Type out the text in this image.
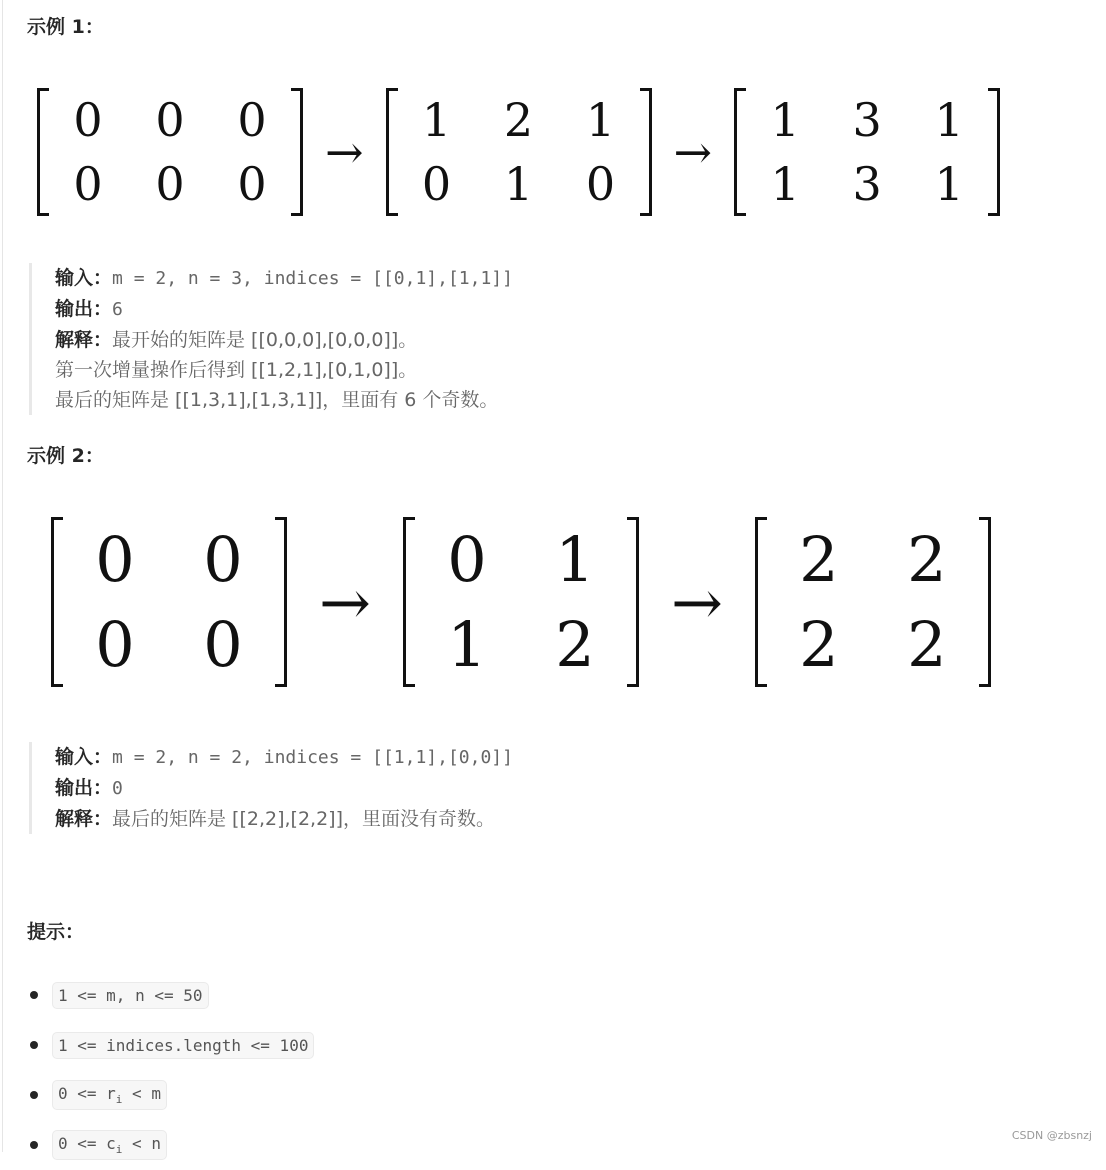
示例 1：
0	0	0
0	0	0
→
1	2	1
0	1	0
→
1	3	1
1	3	1
输入：m = 2, n = 3, indices = [[0,1],[1,1]]
输出：6
解释：最开始的矩阵是 [[0,0,0],[0,0,0]]。
第一次增量操作后得到 [[1,2,1],[0,1,0]]。
最后的矩阵是 [[1,3,1],[1,3,1]]，里面有 6 个奇数。
示例 2：
0	0
0	0
→
0	1
1	2
→
2	2
2	2
输入：m = 2, n = 2, indices = [[1,1],[0,0]]
输出：0
解释：最后的矩阵是 [[2,2],[2,2]]，里面没有奇数。
提示：
1 <= m, n <= 50
1 <= indices.length <= 100
$0 <= r_i < m$
$0 <= c_i < n$	CSDN @zbsnzj
